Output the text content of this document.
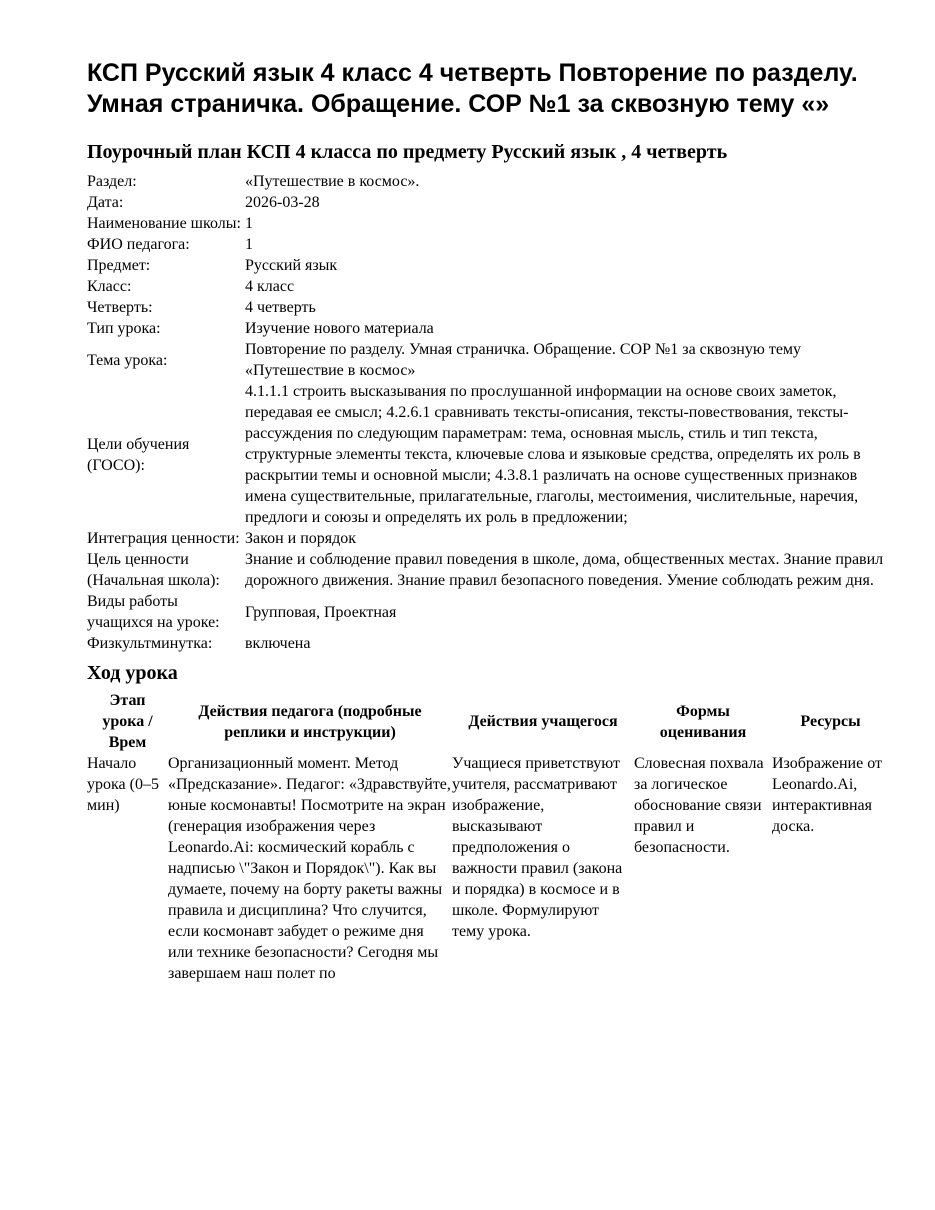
КСП Русский язык 4 класс 4 четверть Повторение по разделу. Умная страничка. Обращение. СОР №1 за сквозную тему «»
Поурочный план КСП 4 класса по предмету Русский язык , 4 четверть
Раздел:	«Путешествие в космос».
Дата:	2026-03-28
Наименование школы:	1
ФИО педагога:	1
Предмет:	Русский язык
Класс:	4 класс
Четверть:	4 четверть
Тип урока:	Изучение нового материала
Тема урока:	Повторение по разделу. Умная страничка. Обращение. СОР №1 за сквозную тему «Путешествие в космос»
Цели обучения (ГОСО):	4.1.1.1 строить высказывания по прослушанной информации на основе своих заметок, передавая ее смысл; 4.2.6.1 сравнивать тексты-описания, тексты-повествования, тексты-рассуждения по следующим параметрам: тема, основная мысль, стиль и тип текста, структурные элементы текста, ключевые слова и языковые средства, определять их роль в раскрытии темы и основной мысли; 4.3.8.1 различать на основе существенных признаков имена существительные, прилагательные, глаголы, местоимения, числительные, наречия, предлоги и союзы и определять их роль в предложении;
Интеграция ценности:	Закон и порядок
Цель ценности (Начальная школа):	Знание и соблюдение правил поведения в школе, дома, общественных местах. Знание правил дорожного движения. Знание правил безопасного поведения. Умение соблюдать режим дня.
Виды работы учащихся на уроке:	Групповая, Проектная
Физкультминутка:	включена
Ход урока
Этап урока / Врем	Действия педагога (подробные реплики и инструкции)	Действия учащегося	Формы оценивания	Ресурсы
Начало урока (0–5 мин)	Организационный момент. Метод «Предсказание». Педагог: «Здравствуйте, юные космонавты! Посмотрите на экран (генерация изображения через Leonardo.Ai: космический корабль с надписью \"Закон и Порядок\"). Как вы думаете, почему на борту ракеты важны правила и дисциплина? Что случится, если космонавт забудет о режиме дня или технике безопасности? Сегодня мы завершаем наш полет по	Учащиеся приветствуют учителя, рассматривают изображение, высказывают предположения о важности правил (закона и порядка) в космосе и в школе. Формулируют тему урока.	Словесная похвала за логическое обоснование связи правил и безопасности.	Изображение от Leonardo.Ai, интерактивная доска.
